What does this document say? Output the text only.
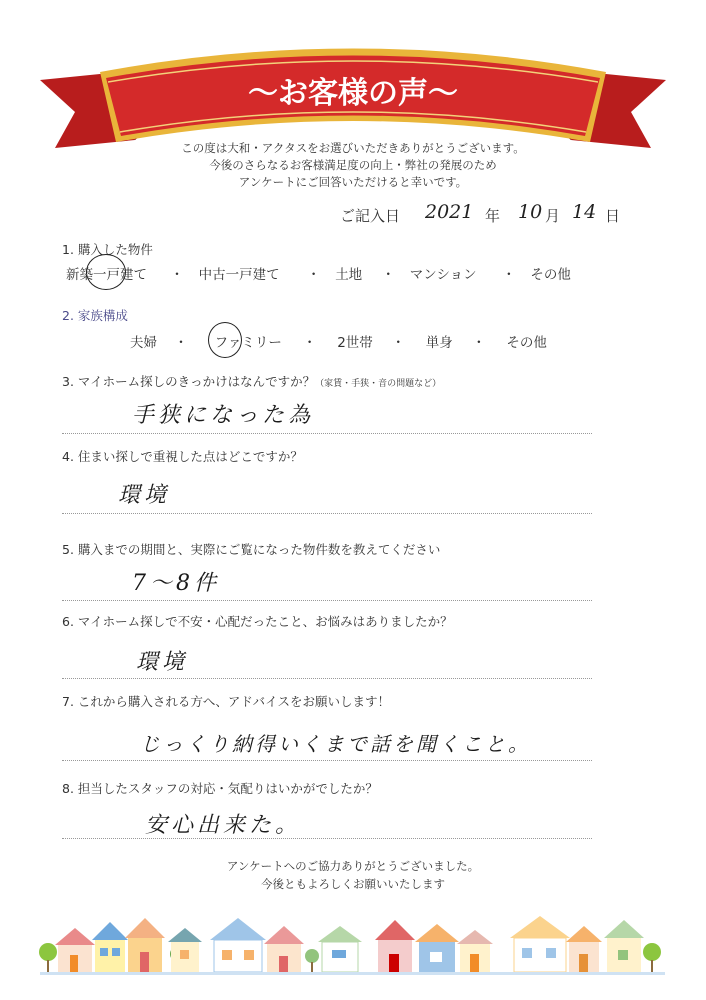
～お客様の声～
この度は大和・アクタスをお選びいただきありがとうございます。
今後のさらなるお客様満足度の向上・弊社の発展のため
アンケートにご回答いただけると幸いです。
ご記入日 2021 年 10 月 14 日
1. 購入した物件
新築一戸建て ・ 中古一戸建て ・ 土地 ・ マンション ・ その他
2. 家族構成
夫婦 ・ ファミリー ・ 2世帯 ・ 単身 ・ その他
3. マイホーム探しのきっかけはなんですか？（家賃・手狭・音の問題など）
手狭になった為
4. 住まい探しで重視した点はどこですか？
環境
5. 購入までの期間と、実際にご覧になった物件数を教えてください
7〜8件
6. マイホーム探しで不安・心配だったこと、お悩みはありましたか？
環境
7. これから購入される方へ、アドバイスをお願いします！
じっくり納得いくまで話を聞くこと。
8. 担当したスタッフの対応・気配りはいかがでしたか？
安心出来た。
アンケートへのご協力ありがとうございました。
今後ともよろしくお願いいたします
